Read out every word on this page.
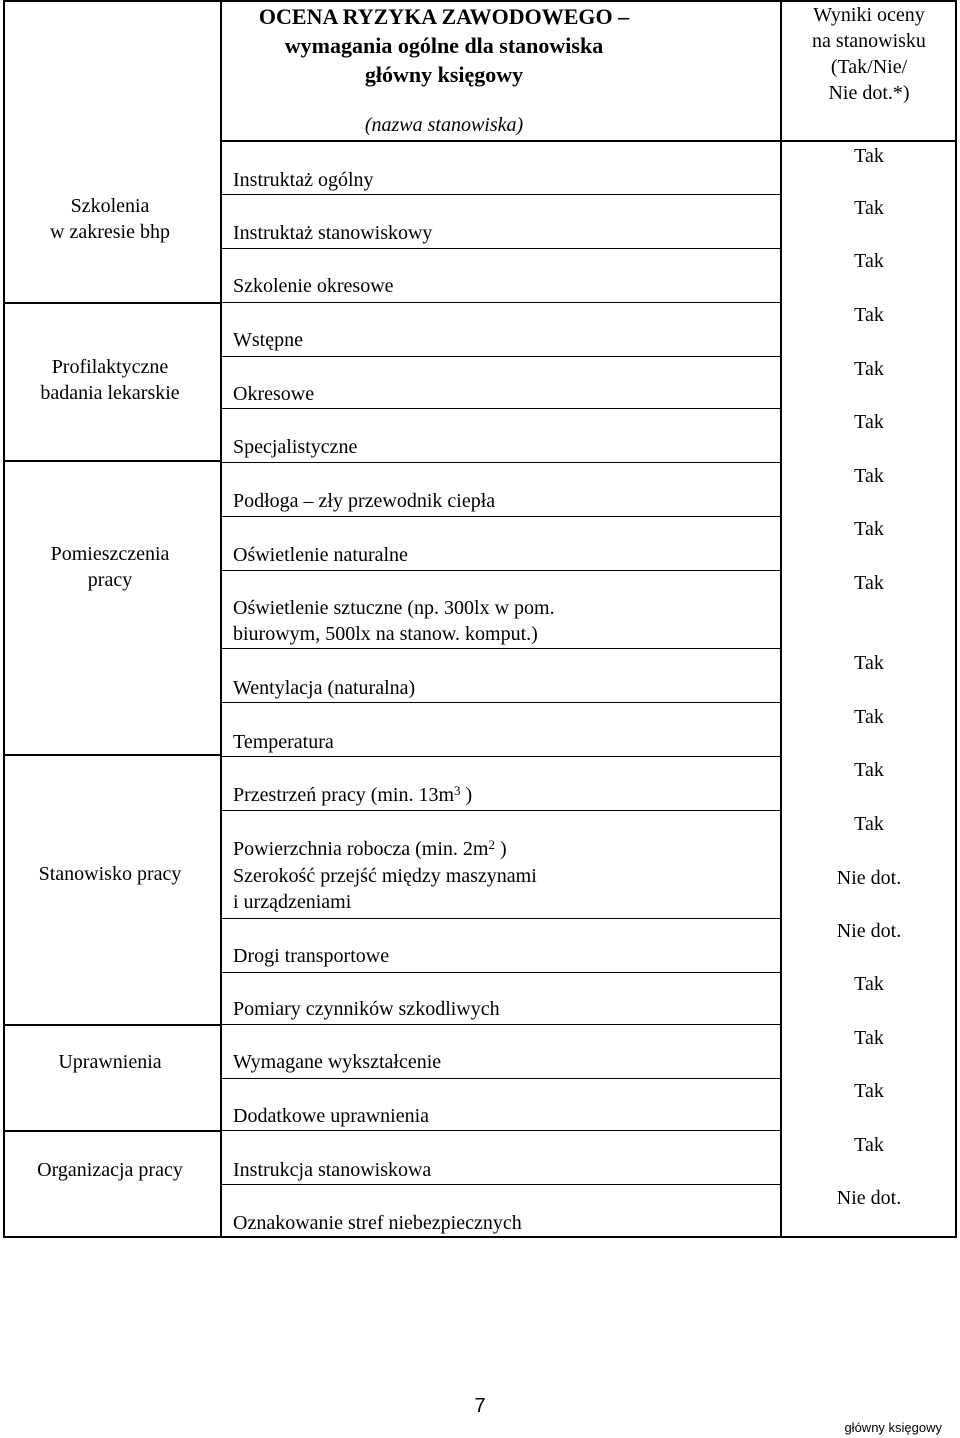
OCENA RYZYKA ZAWODOWEGO –
wymagania ogólne dla stanowiska
główny księgowy
(nazwa stanowiska)
Wyniki oceny
na stanowisku
(Tak/Nie/
Nie dot.*)
Szkolenia
w zakresie bhp
Profilaktyczne
badania lekarskie
Pomieszczenia
pracy
Stanowisko pracy
Uprawnienia
Organizacja pracy
Instruktaż ogólny
Instruktaż stanowiskowy
Szkolenie okresowe
Wstępne
Okresowe
Specjalistyczne
Podłoga – zły przewodnik ciepła
Oświetlenie naturalne
Oświetlenie sztuczne (np. 300lx w pom.
biurowym, 500lx na stanow. komput.)
Wentylacja (naturalna)
Temperatura
Przestrzeń pracy (min. $13m^3$ )
Powierzchnia robocza (min. $2m^2$ )
Szerokość przejść między maszynami
i urządzeniami
Drogi transportowe
Pomiary czynników szkodliwych
Wymagane wykształcenie
Dodatkowe uprawnienia
Instrukcja stanowiskowa
Oznakowanie stref niebezpiecznych
Tak
Tak
Tak
Tak
Tak
Tak
Tak
Tak
Tak
Tak
Tak
Tak
Tak
Nie dot.
Nie dot.
Tak
Tak
Tak
Tak
Nie dot.
7
główny księgowy
